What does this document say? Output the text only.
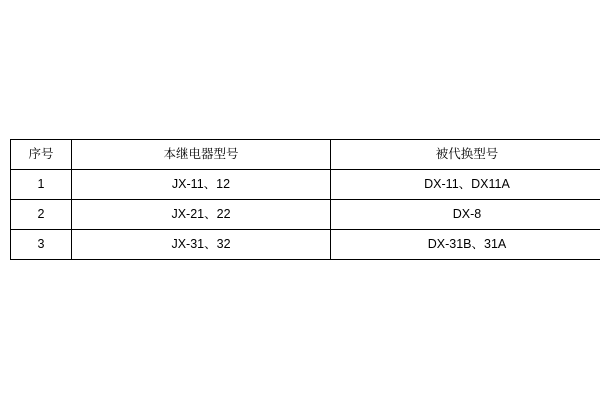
序号	本继电器型号	被代换型号
1	JX-11、12	DX-11、DX11A
2	JX-21、22	DX-8
3	JX-31、32	DX-31B、31A
